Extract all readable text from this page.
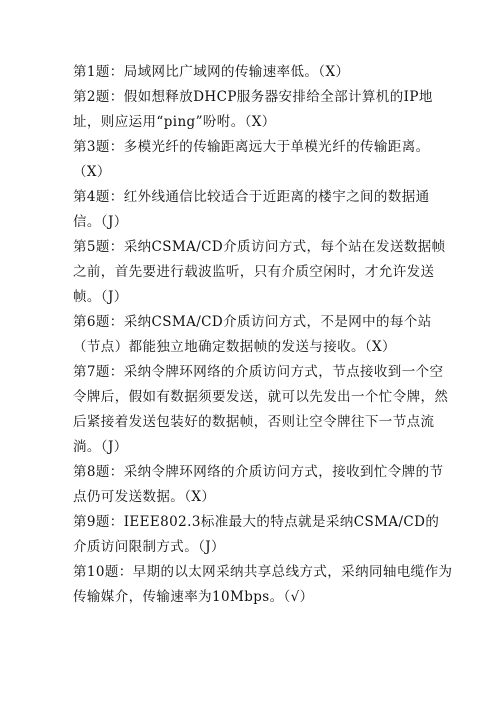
第1题：局域网比广域网的传输速率低。（X）
第2题：假如想释放DHCP服务器安排给全部计算机的IP地址，则应运用“ping”吩咐。（X）
第3题：多模光纤的传输距离远大于单模光纤的传输距离。（X）
第4题：红外线通信比较适合于近距离的楼宇之间的数据通信。（J）
第5题：采纳CSMA/CD介质访问方式，每个站在发送数据帧之前，首先要进行载波监听，只有介质空闲时，才允许发送帧。（J）
第6题：采纳CSMA/CD介质访问方式，不是网中的每个站（节点）都能独立地确定数据帧的发送与接收。（X）
第7题：采纳令牌环网络的介质访问方式，节点接收到一个空令牌后，假如有数据须要发送，就可以先发出一个忙令牌，然后紧接着发送包装好的数据帧，否则让空令牌往下一节点流淌。（J）
第8题：采纳令牌环网络的介质访问方式，接收到忙令牌的节点仍可发送数据。（X）
第9题：IEEE802.3标准最大的特点就是采纳CSMA/CD的介质访问限制方式。（J）
第10题：早期的以太网采纳共享总线方式，采纳同轴电缆作为传输媒介，传输速率为10Mbps。（√）
